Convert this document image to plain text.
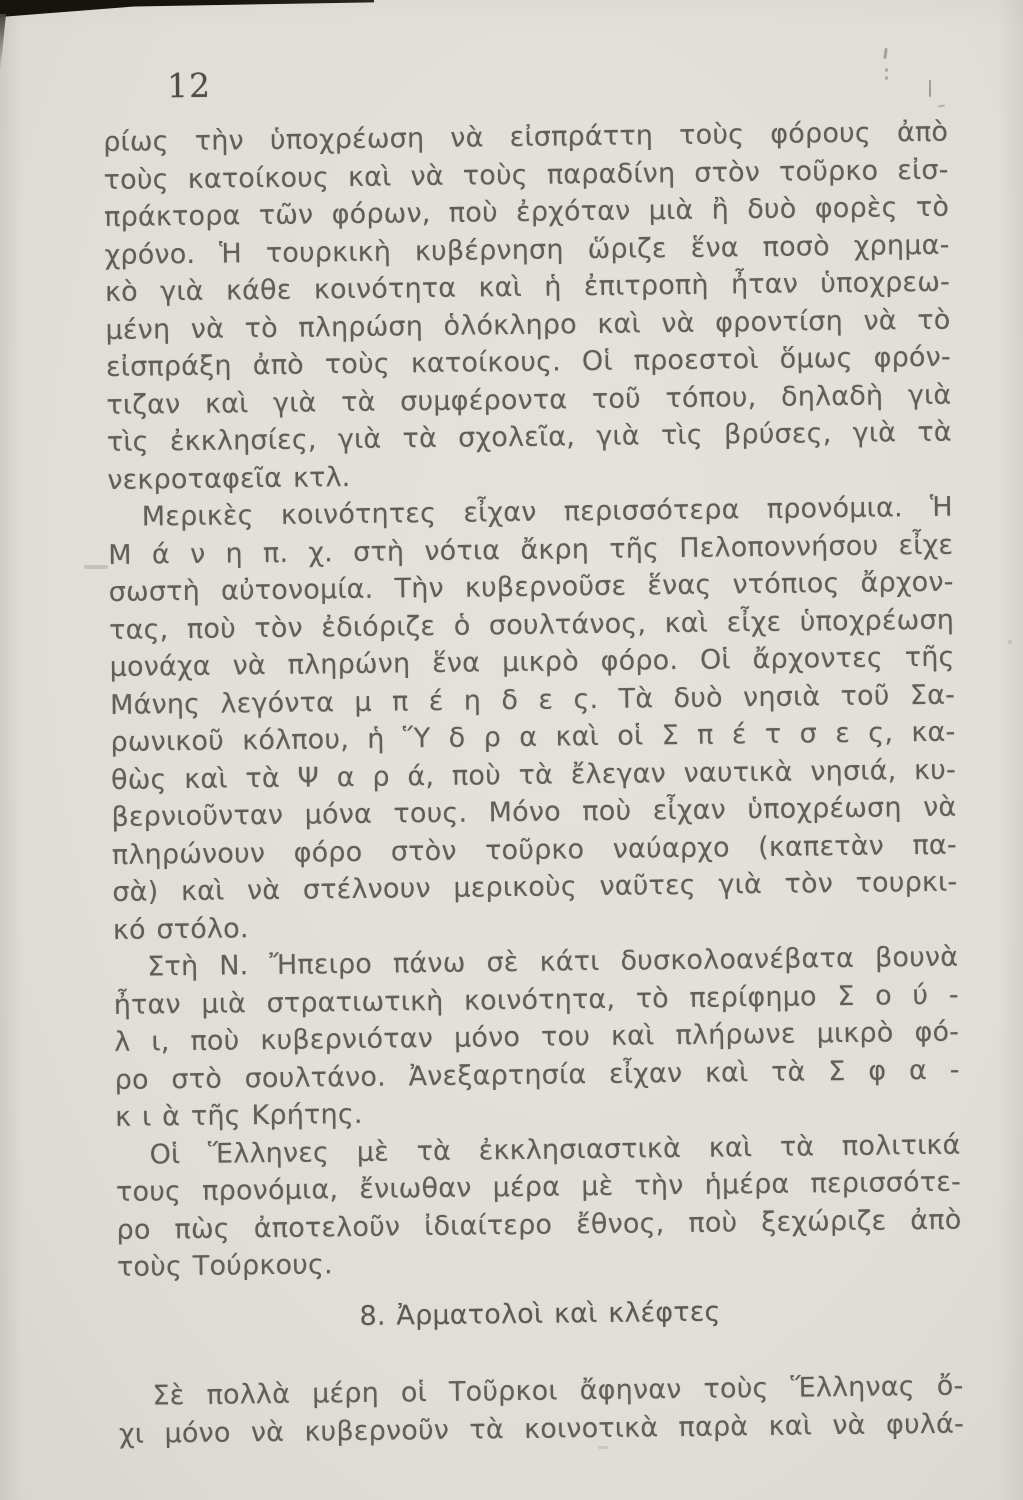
12
ρίως τὴν ὑποχρέωση νὰ εἰσπράττη τοὺς φόρους ἀπὸ
τοὺς κατοίκους καὶ νὰ τοὺς παραδίνη στὸν τοῦρκο εἰσ-
πράκτορα τῶν φόρων, ποὺ ἐρχόταν μιὰ ἢ δυὸ φορὲς τὸ
χρόνο. Ἡ τουρκικὴ κυβέρνηση ὥριζε ἕνα ποσὸ χρημα-
κὸ γιὰ κάθε κοινότητα καὶ ἡ ἐπιτροπὴ ἦταν ὑποχρεω-
μένη νὰ τὸ πληρώση ὁλόκληρο καὶ νὰ φροντίση νὰ τὸ
εἰσπράξη ἀπὸ τοὺς κατοίκους. Οἱ προεστοὶ ὅμως φρόν-
τιζαν καὶ γιὰ τὰ συμφέροντα τοῦ τόπου, δηλαδὴ γιὰ
τὶς ἐκκλησίες, γιὰ τὰ σχολεῖα, γιὰ τὶς βρύσες, γιὰ τὰ
νεκροταφεῖα κτλ.
Μερικὲς κοινότητες εἶχαν περισσότερα προνόμια. Ἡ
Μ ά ν η π. χ. στὴ νότια ἄκρη τῆς Πελοποννήσου εἶχε
σωστὴ αὐτονομία. Τὴν κυβερνοῦσε ἕνας ντόπιος ἄρχον-
τας, ποὺ τὸν ἐδιόριζε ὁ σουλτάνος, καὶ εἶχε ὑποχρέωση
μονάχα νὰ πληρώνη ἕνα μικρὸ φόρο. Οἱ ἄρχοντες τῆς
Μάνης λεγόντα μ π έ η δ ε ς. Τὰ δυὸ νησιὰ τοῦ Σα-
ρωνικοῦ κόλπου, ἡ Ὕ δ ρ α καὶ οἱ Σ π έ τ σ ε ς, κα-
θὼς καὶ τὰ Ψ α ρ ά, ποὺ τὰ ἔλεγαν ναυτικὰ νησιά, κυ-
βερνιοῦνταν μόνα τους. Μόνο ποὺ εἶχαν ὑποχρέωση νὰ
πληρώνουν φόρο στὸν τοῦρκο ναύαρχο (καπετὰν πα-
σὰ) καὶ νὰ στέλνουν μερικοὺς ναῦτες γιὰ τὸν τουρκι-
κό στόλο.
Στὴ Ν. Ἤπειρο πάνω σὲ κάτι δυσκολοανέβατα βουνὰ
ἦταν μιὰ στρατιωτικὴ κοινότητα, τὸ περίφημο Σ ο ύ -
λ ι, ποὺ κυβερνιόταν μόνο του καὶ πλήρωνε μικρὸ φό-
ρο στὸ σουλτάνο. Ἀνεξαρτησία εἶχαν καὶ τὰ Σ φ α -
κ ι ὰ τῆς Κρήτης.
Οἱ Ἕλληνες μὲ τὰ ἐκκλησιαστικὰ καὶ τὰ πολιτικά
τους προνόμια, ἔνιωθαν μέρα μὲ τὴν ἡμέρα περισσότε-
ρο πὼς ἀποτελοῦν ἰδιαίτερο ἔθνος, ποὺ ξεχώριζε ἀπὸ
τοὺς Τούρκους.
8. Ἀρματολοὶ καὶ κλέφτες
Σὲ πολλὰ μέρη οἱ Τοῦρκοι ἄφηναν τοὺς Ἕλληνας ὄ-
χι μόνο νὰ κυβερνοῦν τὰ κοινοτικὰ παρὰ καὶ νὰ φυλά-
